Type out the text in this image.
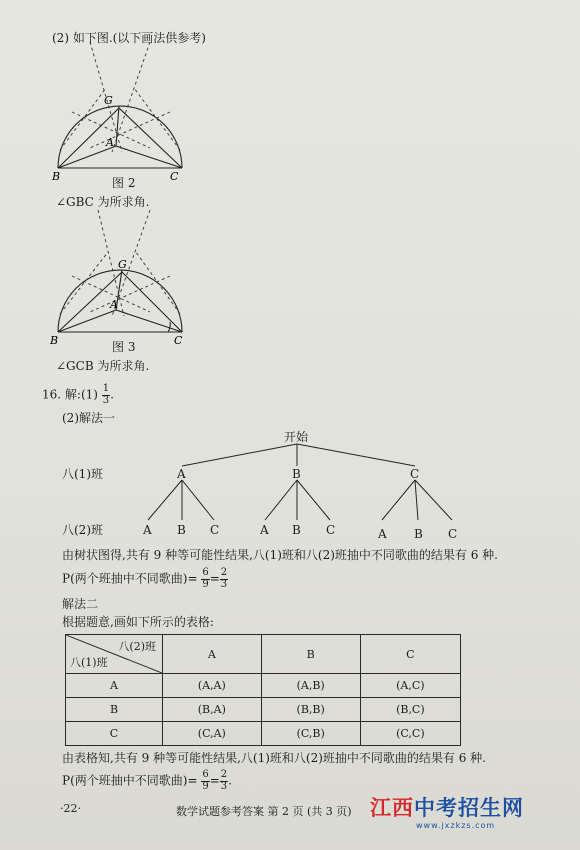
(2) 如下图.(以下画法供参考)
G
A
B	C
G
A
B	C
图 2
∠GBC 为所求角.
图 3
∠GCB 为所求角.
16. 解:(1) $\frac{1}{3}$ .
(2)解法一
开始
八(1)班
八(2)班
A	B	C
A B C	A B C	A B C
由树状图得,共有 9 种等可能性结果,八(1)班和八(2)班抽中不同歌曲的结果有 6 种.
P(两个班抽中不同歌曲)= $\frac{6}{9} = \frac{2}{3}$
解法二
根据题意,画如下所示的表格:
八(2)班
八(1)班	A	B	C
A	(A,A)	(A,B)	(A,C)
B	(B,A)	(B,B)	(B,C)
C	(C,A)	(C,B)	(C,C)
由表格知,共有 9 种等可能性结果,八(1)班和八(2)班抽中不同歌曲的结果有 6 种.
P(两个班抽中不同歌曲)= $\frac{6}{9} = \frac{2}{3}$ .
·22·	数学试题参考答案 第 2 页 (共 3 页) 江西中考招生网
www.jxzkzs.com
